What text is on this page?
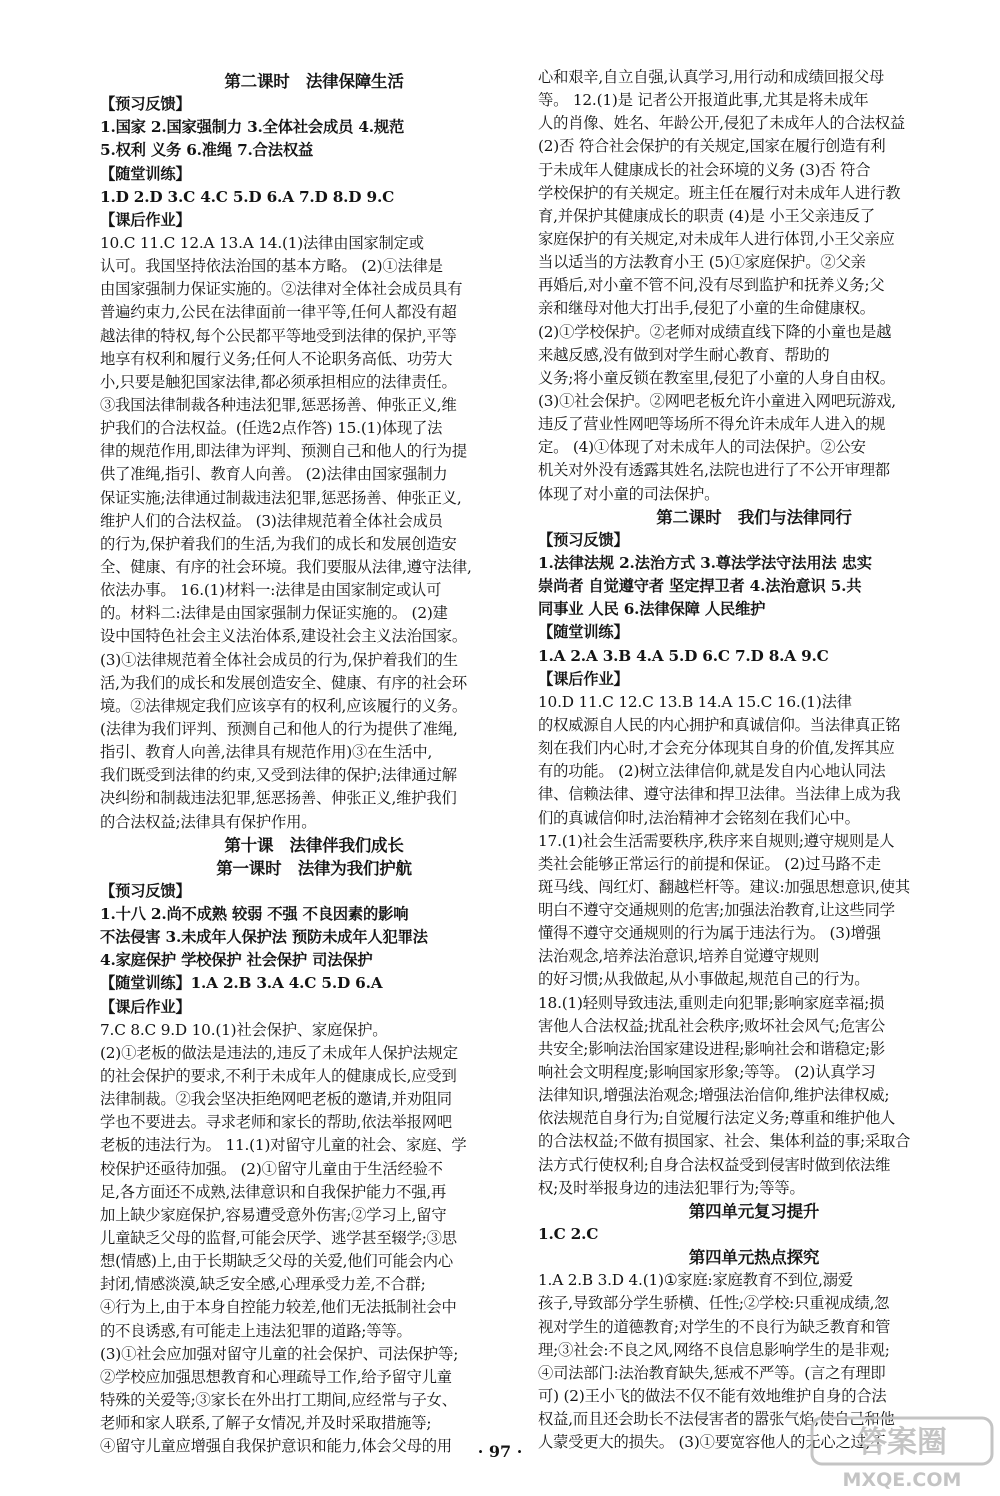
第二课时　法律保障生活
【预习反馈】
1.国家 2.国家强制力 3.全体社会成员 4.规范
5.权利 义务 6.准绳 7.合法权益
【随堂训练】
1.D 2.D 3.C 4.C 5.D 6.A 7.D 8.D 9.C
【课后作业】
10.C 11.C 12.A 13.A 14.(1)法律由国家制定或
认可。我国坚持依法治国的基本方略。 (2)①法律是
由国家强制力保证实施的。②法律对全体社会成员具有
普遍约束力,公民在法律面前一律平等,任何人都没有超
越法律的特权,每个公民都平等地受到法律的保护,平等
地享有权利和履行义务;任何人不论职务高低、功劳大
小,只要是触犯国家法律,都必须承担相应的法律责任。
③我国法律制裁各种违法犯罪,惩恶扬善、伸张正义,维
护我们的合法权益。(任选2点作答) 15.(1)体现了法
律的规范作用,即法律为评判、预测自己和他人的行为提
供了准绳,指引、教育人向善。 (2)法律由国家强制力
保证实施;法律通过制裁违法犯罪,惩恶扬善、伸张正义,
维护人们的合法权益。 (3)法律规范着全体社会成员
的行为,保护着我们的生活,为我们的成长和发展创造安
全、健康、有序的社会环境。我们要服从法律,遵守法律,
依法办事。 16.(1)材料一:法律是由国家制定或认可
的。材料二:法律是由国家强制力保证实施的。 (2)建
设中国特色社会主义法治体系,建设社会主义法治国家。
(3)①法律规范着全体社会成员的行为,保护着我们的生
活,为我们的成长和发展创造安全、健康、有序的社会环
境。②法律规定我们应该享有的权利,应该履行的义务。
(法律为我们评判、预测自己和他人的行为提供了准绳,
指引、教育人向善,法律具有规范作用)③在生活中,
我们既受到法律的约束,又受到法律的保护;法律通过解
决纠纷和制裁违法犯罪,惩恶扬善、伸张正义,维护我们
的合法权益;法律具有保护作用。
第十课　法律伴我们成长
第一课时　法律为我们护航
【预习反馈】
1.十八 2.尚不成熟 较弱 不强 不良因素的影响
不法侵害 3.未成年人保护法 预防未成年人犯罪法
4.家庭保护 学校保护 社会保护 司法保护
【随堂训练】1.A 2.B 3.A 4.C 5.D 6.A
【课后作业】
7.C 8.C 9.D 10.(1)社会保护、家庭保护。
(2)①老板的做法是违法的,违反了未成年人保护法规定
的社会保护的要求,不利于未成年人的健康成长,应受到
法律制裁。②我会坚决拒绝网吧老板的邀请,并劝阻同
学也不要进去。寻求老师和家长的帮助,依法举报网吧
老板的违法行为。 11.(1)对留守儿童的社会、家庭、学
校保护还亟待加强。 (2)①留守儿童由于生活经验不
足,各方面还不成熟,法律意识和自我保护能力不强,再
加上缺少家庭保护,容易遭受意外伤害;②学习上,留守
儿童缺乏父母的监督,可能会厌学、逃学甚至辍学;③思
想(情感)上,由于长期缺乏父母的关爱,他们可能会内心
封闭,情感淡漠,缺乏安全感,心理承受力差,不合群;
④行为上,由于本身自控能力较差,他们无法抵制社会中
的不良诱惑,有可能走上违法犯罪的道路;等等。
(3)①社会应加强对留守儿童的社会保护、司法保护等;
②学校应加强思想教育和心理疏导工作,给予留守儿童
特殊的关爱等;③家长在外出打工期间,应经常与子女、
老师和家人联系,了解子女情况,并及时采取措施等;
④留守儿童应增强自我保护意识和能力,体会父母的用
心和艰辛,自立自强,认真学习,用行动和成绩回报父母
等。 12.(1)是 记者公开报道此事,尤其是将未成年
人的肖像、姓名、年龄公开,侵犯了未成年人的合法权益
(2)否 符合社会保护的有关规定,国家在履行创造有利
于未成年人健康成长的社会环境的义务 (3)否 符合
学校保护的有关规定。班主任在履行对未成年人进行教
育,并保护其健康成长的职责 (4)是 小王父亲违反了
家庭保护的有关规定,对未成年人进行体罚,小王父亲应
当以适当的方法教育小王 (5)①家庭保护。②父亲
再婚后,对小童不管不问,没有尽到监护和抚养义务;父
亲和继母对他大打出手,侵犯了小童的生命健康权。
(2)①学校保护。②老师对成绩直线下降的小童也是越
来越反感,没有做到对学生耐心教育、帮助的
义务;将小童反锁在教室里,侵犯了小童的人身自由权。
(3)①社会保护。②网吧老板允许小童进入网吧玩游戏,
违反了营业性网吧等场所不得允许未成年人进入的规
定。 (4)①体现了对未成年人的司法保护。②公安
机关对外没有透露其姓名,法院也进行了不公开审理都
体现了对小童的司法保护。
第二课时　我们与法律同行
【预习反馈】
1.法律法规 2.法治方式 3.尊法学法守法用法 忠实
崇尚者 自觉遵守者 坚定捍卫者 4.法治意识 5.共
同事业 人民 6.法律保障 人民维护
【随堂训练】
1.A 2.A 3.B 4.A 5.D 6.C 7.D 8.A 9.C
【课后作业】
10.D 11.C 12.C 13.B 14.A 15.C 16.(1)法律
的权威源自人民的内心拥护和真诚信仰。当法律真正铭
刻在我们内心时,才会充分体现其自身的价值,发挥其应
有的功能。 (2)树立法律信仰,就是发自内心地认同法
律、信赖法律、遵守法律和捍卫法律。当法律上成为我
们的真诚信仰时,法治精神才会铭刻在我们心中。
17.(1)社会生活需要秩序,秩序来自规则;遵守规则是人
类社会能够正常运行的前提和保证。 (2)过马路不走
斑马线、闯红灯、翻越栏杆等。建议:加强思想意识,使其
明白不遵守交通规则的危害;加强法治教育,让这些同学
懂得不遵守交通规则的行为属于违法行为。 (3)增强
法治观念,培养法治意识,培养自觉遵守规则
的好习惯;从我做起,从小事做起,规范自己的行为。
18.(1)轻则导致违法,重则走向犯罪;影响家庭幸福;损
害他人合法权益;扰乱社会秩序;败坏社会风气;危害公
共安全;影响法治国家建设进程;影响社会和谐稳定;影
响社会文明程度;影响国家形象;等等。 (2)认真学习
法律知识,增强法治观念;增强法治信仰,维护法律权威;
依法规范自身行为;自觉履行法定义务;尊重和维护他人
的合法权益;不做有损国家、社会、集体利益的事;采取合
法方式行使权利;自身合法权益受到侵害时做到依法维
权;及时举报身边的违法犯罪行为;等等。
第四单元复习提升
1.C 2.C
第四单元热点探究
1.A 2.B 3.D 4.(1)①家庭:家庭教育不到位,溺爱
孩子,导致部分学生骄横、任性;②学校:只重视成绩,忽
视对学生的道德教育;对学生的不良行为缺乏教育和管
理;③社会:不良之风,网络不良信息影响学生的是非观;
④司法部门:法治教育缺失,惩戒不严等。(言之有理即
可) (2)王小飞的做法不仅不能有效地维护自身的合法
权益,而且还会助长不法侵害者的嚣张气焰,使自己和他
人蒙受更大的损失。 (3)①要宽容他人的无心之过,不
· 97 ·	答案圈
MXQE.COM
